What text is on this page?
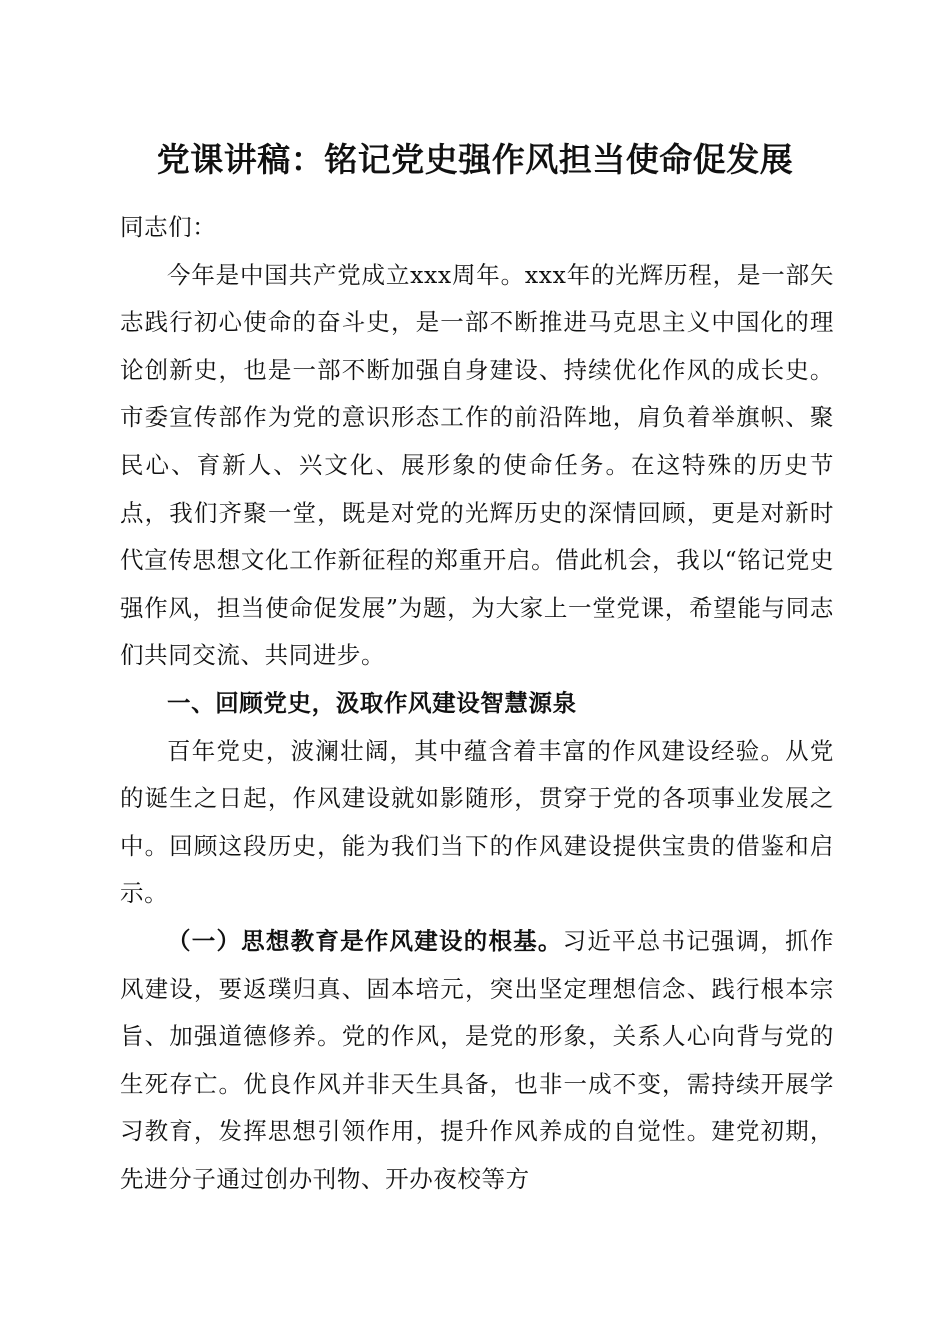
党课讲稿：铭记党史强作风担当使命促发展

同志们：

今年是中国共产党成立xxx周年。xxx年的光辉历程，是一部矢志践行初心使命的奋斗史，是一部不断推进马克思主义中国化的理论创新史，也是一部不断加强自身建设、持续优化作风的成长史。市委宣传部作为党的意识形态工作的前沿阵地，肩负着举旗帜、聚民心、育新人、兴文化、展形象的使命任务。在这特殊的历史节点，我们齐聚一堂，既是对党的光辉历史的深情回顾，更是对新时代宣传思想文化工作新征程的郑重开启。借此机会，我以“铭记党史强作风，担当使命促发展”为题，为大家上一堂党课，希望能与同志们共同交流、共同进步。

一、回顾党史，汲取作风建设智慧源泉

百年党史，波澜壮阔，其中蕴含着丰富的作风建设经验。从党的诞生之日起，作风建设就如影随形，贯穿于党的各项事业发展之中。回顾这段历史，能为我们当下的作风建设提供宝贵的借鉴和启示。

（一）思想教育是作风建设的根基。习近平总书记强调，抓作风建设，要返璞归真、固本培元，突出坚定理想信念、践行根本宗旨、加强道德修养。党的作风，是党的形象，关系人心向背与党的生死存亡。优良作风并非天生具备，也非一成不变，需持续开展学习教育，发挥思想引领作用，提升作风养成的自觉性。建党初期，先进分子通过创办刊物、开办夜校等方
